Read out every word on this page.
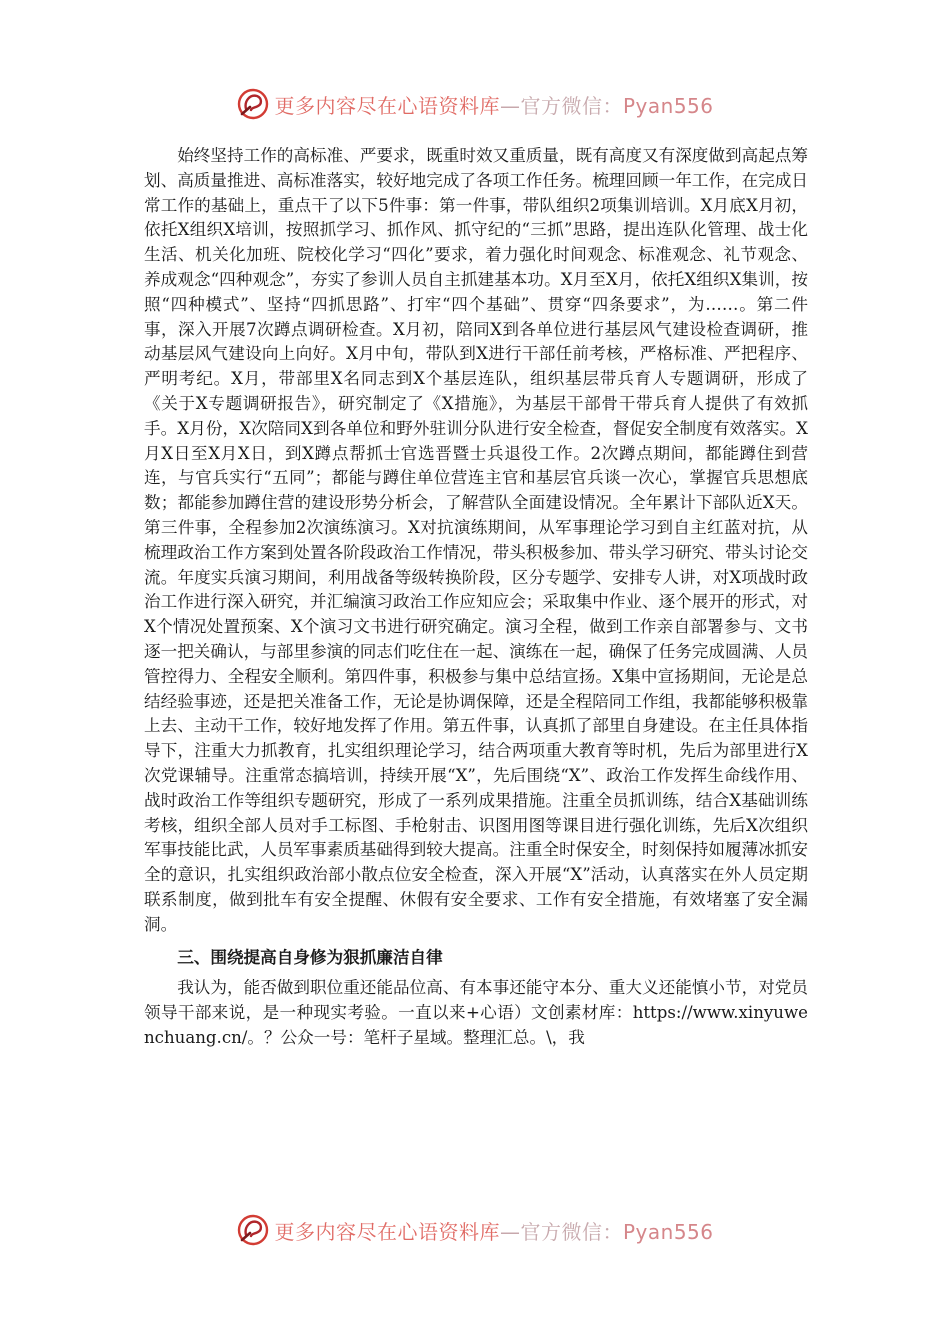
更多内容尽在心语资料库—官方微信：Pyan556

始终坚持工作的高标准、严要求，既重时效又重质量，既有高度又有深度做到高起点筹划、高质量推进、高标准落实，较好地完成了各项工作任务。梳理回顾一年工作，在完成日常工作的基础上，重点干了以下5件事：第一件事，带队组织2项集训培训。X月底X月初，依托X组织X培训，按照抓学习、抓作风、抓守纪的“三抓”思路，提出连队化管理、战士化生活、机关化加班、院校化学习“四化”要求，着力强化时间观念、标准观念、礼节观念、养成观念“四种观念”，夯实了参训人员自主抓建基本功。X月至X月，依托X组织X集训，按照“四种模式”、坚持“四抓思路”、打牢“四个基础”、贯穿“四条要求”，为……。第二件事，深入开展7次蹲点调研检查。X月初，陪同X到各单位进行基层风气建设检查调研，推动基层风气建设向上向好。X月中旬，带队到X进行干部任前考核，严格标准、严把程序、严明考纪。X月，带部里X名同志到X个基层连队，组织基层带兵育人专题调研，形成了《关于X专题调研报告》，研究制定了《X措施》，为基层干部骨干带兵育人提供了有效抓手。X月份，X次陪同X到各单位和野外驻训分队进行安全检查，督促安全制度有效落实。X月X日至X月X日，到X蹲点帮抓士官选晋暨士兵退役工作。2次蹲点期间，都能蹲住到营连，与官兵实行“五同”；都能与蹲住单位营连主官和基层官兵谈一次心，掌握官兵思想底数；都能参加蹲住营的建设形势分析会，了解营队全面建设情况。全年累计下部队近X天。第三件事，全程参加2次演练演习。X对抗演练期间，从军事理论学习到自主红蓝对抗，从梳理政治工作方案到处置各阶段政治工作情况，带头积极参加、带头学习研究、带头讨论交流。年度实兵演习期间，利用战备等级转换阶段，区分专题学、安排专人讲，对X项战时政治工作进行深入研究，并汇编演习政治工作应知应会；采取集中作业、逐个展开的形式，对X个情况处置预案、X个演习文书进行研究确定。演习全程，做到工作亲自部署参与、文书逐一把关确认，与部里参演的同志们吃住在一起、演练在一起，确保了任务完成圆满、人员管控得力、全程安全顺利。第四件事，积极参与集中总结宣扬。X集中宣扬期间，无论是总结经验事迹，还是把关准备工作，无论是协调保障，还是全程陪同工作组，我都能够积极靠上去、主动干工作，较好地发挥了作用。第五件事，认真抓了部里自身建设。在主任具体指导下，注重大力抓教育，扎实组织理论学习，结合两项重大教育等时机，先后为部里进行X次党课辅导。注重常态搞培训，持续开展“X”，先后围绕“X”、政治工作发挥生命线作用、战时政治工作等组织专题研究，形成了一系列成果措施。注重全员抓训练，结合X基础训练考核，组织全部人员对手工标图、手枪射击、识图用图等课目进行强化训练，先后X次组织军事技能比武，人员军事素质基础得到较大提高。注重全时保安全，时刻保持如履薄冰抓安全的意识，扎实组织政治部小散点位安全检查，深入开展“X”活动，认真落实在外人员定期联系制度，做到批车有安全提醒、休假有安全要求、工作有安全措施，有效堵塞了安全漏洞。

三、围绕提高自身修为狠抓廉洁自律

我认为，能否做到职位重还能品位高、有本事还能守本分、重大义还能慎小节，对党员领导干部来说，是一种现实考验。一直以来+心语）文创素材库：https://www.xinyuwenchuang.cn/。？公众一号：笔杆子星域。整理汇总。\，我

更多内容尽在心语资料库—官方微信：Pyan556
